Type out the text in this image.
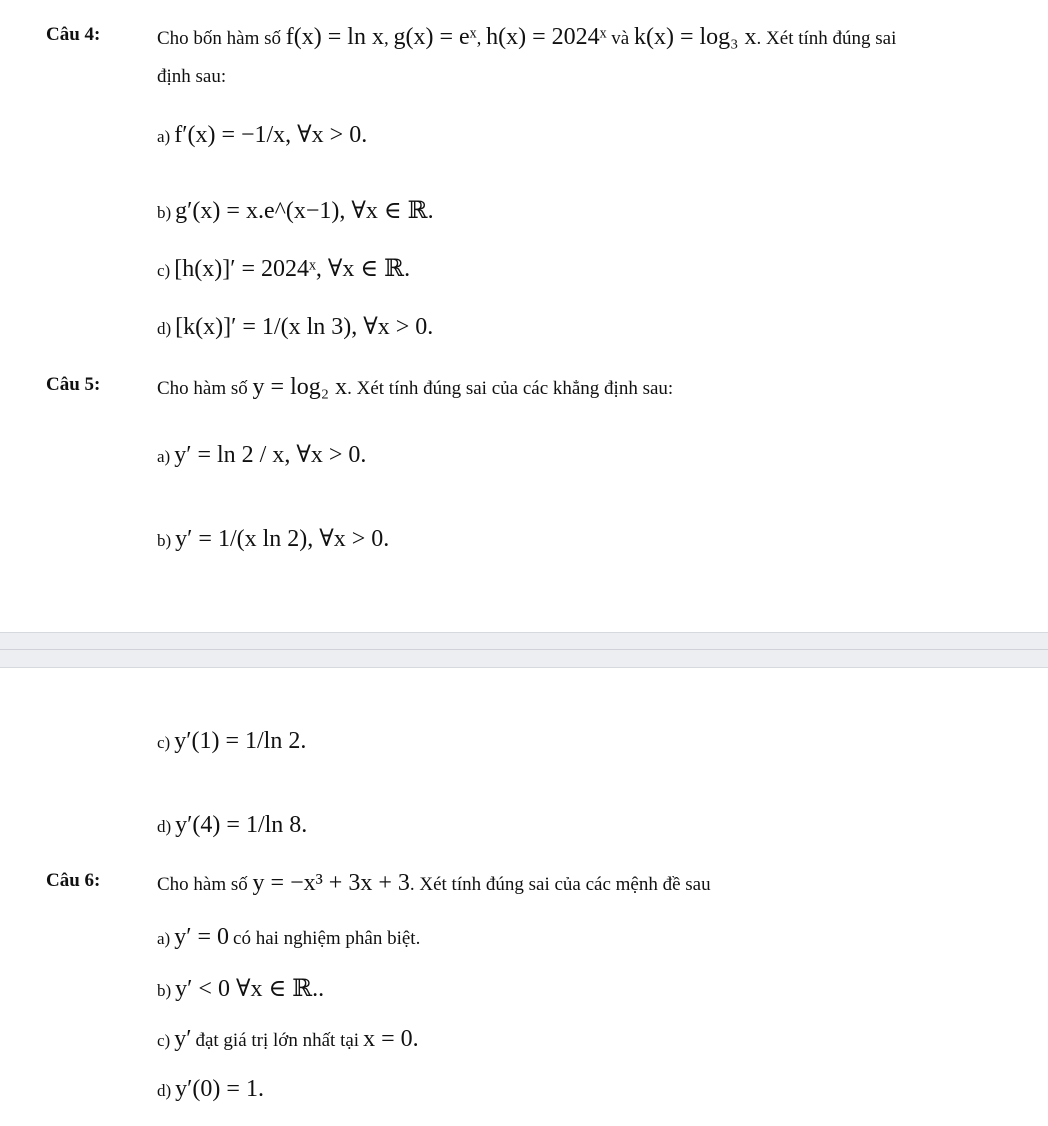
Câu 4:	Cho bốn hàm số f(x) = ln x, g(x) = eˣ, h(x) = 2024ˣ và k(x) = log₃ x. Xét tính đúng sai
định sau:
a) f′(x) = −1/x, ∀x > 0.
b) g′(x) = x.e^(x−1), ∀x ∈ ℝ.
c) [h(x)]′ = 2024ˣ, ∀x ∈ ℝ.
d) [k(x)]′ = 1/(x ln 3), ∀x > 0.
Câu 5:	Cho hàm số y = log₂ x. Xét tính đúng sai của các khẳng định sau:
a) y′ = ln 2 / x, ∀x > 0.
b) y′ = 1/(x ln 2), ∀x > 0.
c) y′(1) = 1/ln 2.
d) y′(4) = 1/ln 8.
Câu 6:	Cho hàm số y = −x³ + 3x + 3. Xét tính đúng sai của các mệnh đề sau
a) y′ = 0 có hai nghiệm phân biệt.
b) y′ < 0 ∀x ∈ ℝ..
c) y′ đạt giá trị lớn nhất tại x = 0.
d) y′(0) = 1.
